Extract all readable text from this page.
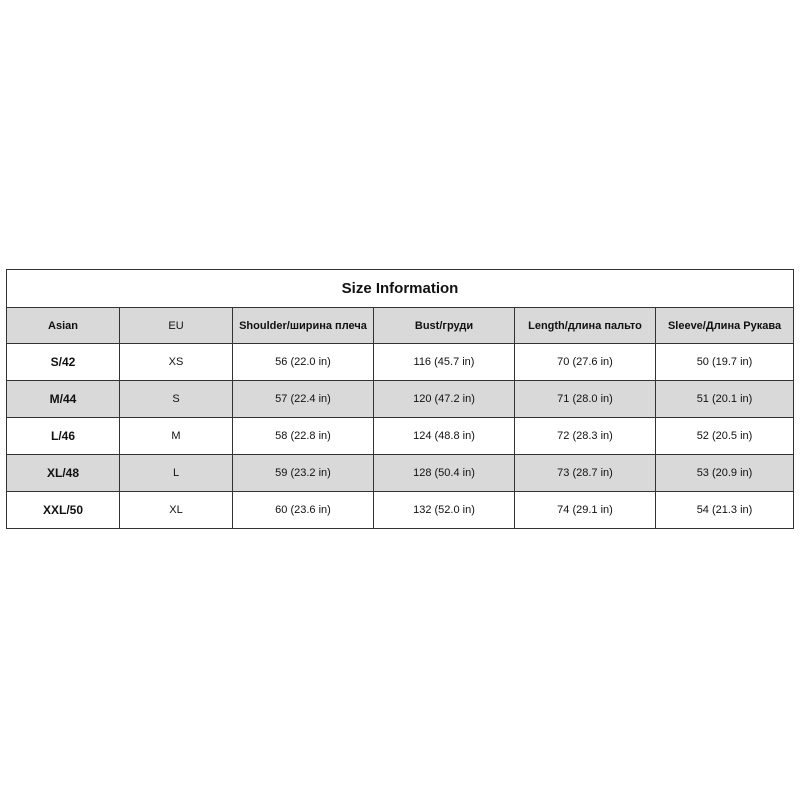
Size Information					
Asian	EU	Shoulder/ширина плеча	Bust/груди	Length/длина пальто	Sleeve/Длина Рукава
S/42	XS	56 (22.0 in)	116 (45.7 in)	70 (27.6 in)	50 (19.7 in)
M/44	S	57 (22.4 in)	120 (47.2 in)	71 (28.0 in)	51 (20.1 in)
L/46	M	58 (22.8 in)	124 (48.8 in)	72 (28.3 in)	52 (20.5 in)
XL/48	L	59 (23.2 in)	128 (50.4 in)	73 (28.7 in)	53 (20.9 in)
XXL/50	XL	60 (23.6 in)	132 (52.0 in)	74 (29.1 in)	54 (21.3 in)
